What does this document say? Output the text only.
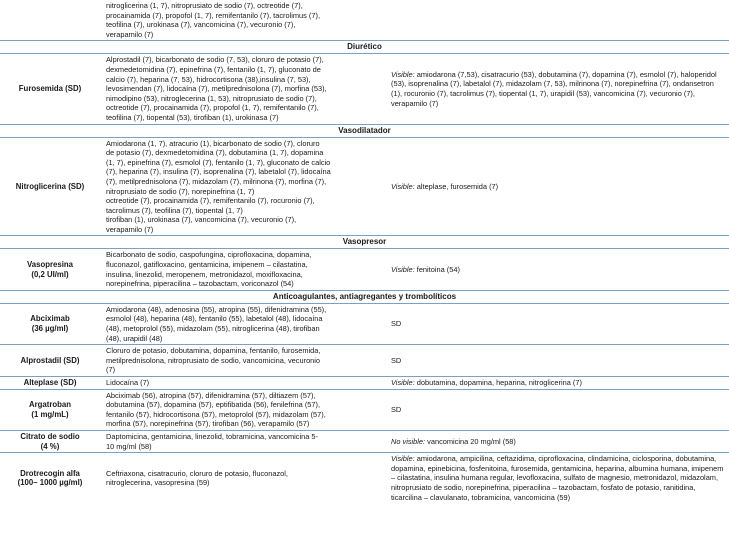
nitroglicerina (1, 7), nitroprusiato de sodio (7), octreotide (7),
procainamida (7), propofol (1, 7), remifentanilo (7), tacrolimus (7),
teofilina (7), urokinasa (7), vancomicina (7), vecuronio (7),
verapamilo (7)
Diurético
Furosemida (SD)
Alprostadil (7), bicarbonato de sodio (7, 53), cloruro de potasio (7),
dexmedetomidina (7), epinefrina (7), fentanilo (1, 7), gluconato de
calcio (7), heparina (7, 53), hidrocortisona (38),insulina (7, 53),
levosimendan (7), lidocaína (7), metilprednisolona (7), morfina (53),
nimodipino (53), nitroglecerina (1, 53), nitroprusiato de sodio (7),
octreotide (7), procainamida (7), propofol (1, 7), remifentanilo (7),
teofilina (7), tiopental (53), tirofiban (1), urokinasa (7)
Visible: amiodarona (7,53), cisatracurio (53), dobutamina (7), dopamina (7), esmolol (7), haloperidol (53), isoprenalina (7), labetalol (7), midazolam (7, 53), milrinona (7), norepinefrina (7), ondansetron (1), rocuronio (7), tacrolimus (7), tiopental (1, 7), urapidil (53), vancomicina (7), vecuronio (7), verapamilo (7)
Vasodilatador
Nitroglicerina (SD)
Amiodarona (1, 7), atracurio (1), bicarbonato de sodio (7), cloruro
de potasio (7), dexmedetomidina (7), dobutamina (1, 7), dopamina
(1, 7), epinefrina (7), esmolol (7), fentanilo (1, 7), gluconato de calcio
(7), heparina (7), insulina (7), isoprenalina (7), labetalol (7), lidocaína
(7), metilprednisolona (7), midazolam (7), milrinona (7), morfina (7),
nitroprusiato de sodio (7), norepinefrina (1, 7)
octreotide (7), procainamida (7), remifentanilo (7), rocuronio (7),
tacrolimus (7), teofilina (7), tiopental (1, 7)
tirofiban (1), urokinasa (7), vancomicina (7), vecuronio (7),
verapamilo (7)
Visible: alteplase, furosemida (7)
Vasopresor
Vasopresina
(0,2 UI/ml)
Bicarbonato de sodio, caspofungina, ciprofloxacina, dopamina,
fluconazol, gatifloxacino, gentamicina, imipenem – cilastatina,
insulina, linezolid, meropenem, metronidazol, moxifloxacina,
norepinefrina, piperacilina – tazobactam, voriconazol (54)
Visible: fenitoina (54)
Anticoagulantes, antiagregantes y trombolíticos
Abciximab
(36 µg/ml)
Amiodarona (48), adenosina (55), atropina (55), difenidramina (55),
esmolol (48), heparina (48), fentanilo (55), labetalol (48), lidocaína
(48), metoprolol (55), midazolam (55), nitroglicerina (48), tirofiban
(48), urapidil (48)
SD
Alprostadil (SD)
Cloruro de potasio, dobutamina, dopamina, fentanilo, furosemida,
metilprednisolona, nitroprusiato de sodio, vancomicina, vecuronio
(7)
SD
Alteplase (SD)	Lidocaína (7)	Visible: dobutamina, dopamina, heparina, nitroglicerina (7)
Argatroban
(1 mg/mL)
Abciximab (56), atropina (57), difenidramina (57), diltiazem (57),
dobutamina (57), dopamina (57), eptifibatida (56), fenilefrina (57),
fentanilo (57), hidrocortisona (57), metoprolol (57), midazolam (57),
morfina (57), norepinefrina (57), tirofiban (56), verapamilo (57)
SD
Citrato de sodio
(4 %)
Daptomicina, gentamicina, linezolid, tobramicina, vancomicina 5-
10 mg/ml (58)
No visible: vancomicina 20 mg/ml (58)
Drotrecogin alfa
(100– 1000 µg/ml)
Ceftriaxona, cisatracurio, cloruro de potasio, fluconazol,
nitroglecerina, vasopresina (59)
Visible: amiodarona, ampicilina, ceftazidima, ciprofloxacina, clindamicina, ciclosporina, dobutamina, dopamina, epinebicina, fosfenitoina, furosemida, gentamicina, heparina, albumina humana, imipenem – cilastatina, insulina humana regular, levofloxacina, sulfato de magnesio, metronidazol, midazolam, nitroprusiato de sodio, norepinefrina, piperacilina – tazobactam, fosfato de potasio, ranitidina, ticarcilina – clavulanato, tobramicina, vancomicina (59)
